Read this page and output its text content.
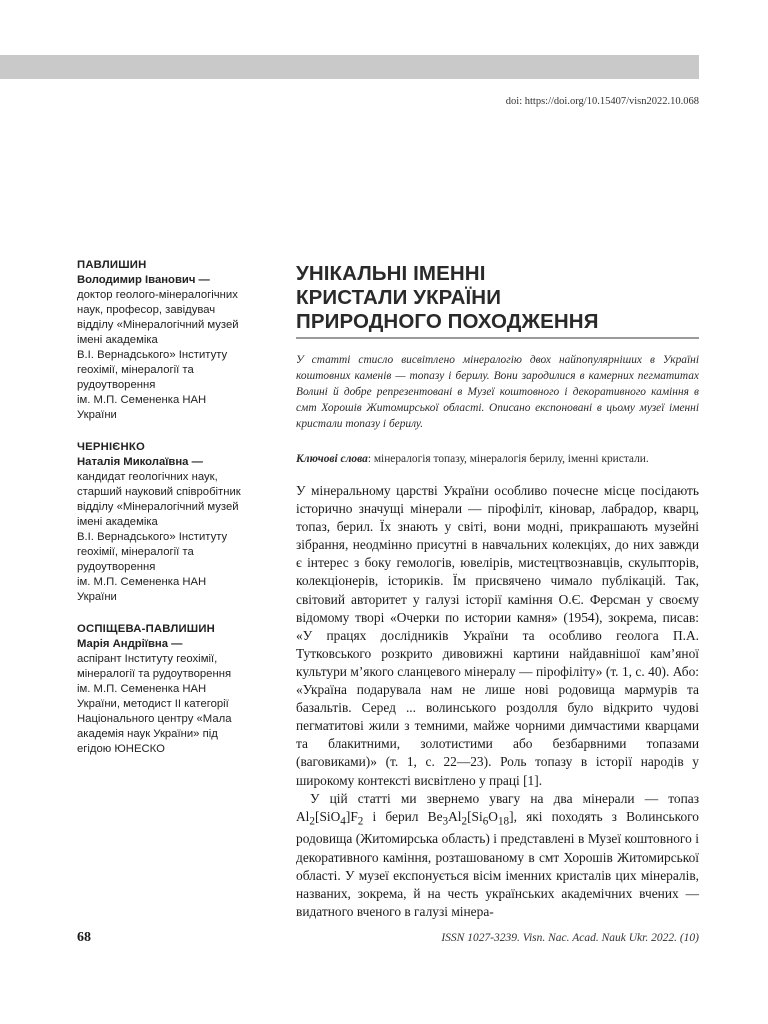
doi: https://doi.org/10.15407/visn2022.10.068
ПАВЛИШИН
Володимир Іванович —
доктор геолого-мінералогічних
наук, професор, завідувач
відділу «Мінералогічний музей
імені академіка
В.І. Вернадського» Інституту
геохімії, мінералогії та
рудоутворення
ім. М.П. Семененка НАН
України
ЧЕРНІЄНКО
Наталія Миколаївна —
кандидат геологічних наук,
старший науковий співробітник
відділу «Мінералогічний музей
імені академіка
В.І. Вернадського» Інституту
геохімії, мінералогії та
рудоутворення
ім. М.П. Семененка НАН
України
ОСПІЩЕВА-ПАВЛИШИН
Марія Андріївна —
аспірант Інституту геохімії,
мінералогії та рудоутворення
ім. М.П. Семененка НАН
України, методист ІІ категорії
Національного центру «Мала
академія наук України» під
егідою ЮНЕСКО
УНІКАЛЬНІ ІМЕННІ
КРИСТАЛИ УКРАЇНИ
ПРИРОДНОГО ПОХОДЖЕННЯ

У статті стисло висвітлено мінералогію двох найпопулярніших в Україні коштовних каменів — топазу і берилу. Вони зародилися в камерних пегматитах Волині й добре репрезентовані в Музеї коштовного і декоративного каміння в смт Хорошів Житомирської області. Описано експоновані в цьому музеї іменні кристали топазу і берилу.

Ключові слова: мінералогія топазу, мінералогія берилу, іменні кристали.

У мінеральному царстві України особливо почесне місце посідають історично значущі мінерали — пірофіліт, кіновар, лабрадор, кварц, топаз, берил. Їх знають у світі, вони модні, прикрашають музейні зібрання, неодмінно присутні в навчальних колекціях, до них завжди є інтерес з боку гемологів, ювелірів, мистецтвознавців, скульпторів, колекціонерів, істориків. Їм присвячено чимало публікацій. Так, світовий авторитет у галузі історії каміння О.Є. Ферсман у своєму відомому творі «Очерки по истории камня» (1954), зокрема, писав: «У працях дослідників України та особливо геолога П.А. Тутковського розкрито дивовижні картини найдавнішої кам’яної культури м’якого сланцевого мінералу — пірофіліту» (т. 1, с. 40). Або: «Україна подарувала нам не лише нові родовища мармурів та базальтів. Серед ... волинського роздолля було відкрито чудові пегматитові жили з темними, майже чорними димчастими кварцами та блакитними, золотистими або безбарвними топазами (ваговиками)» (т. 1, с. 22—23). Роль топазу в історії народів у широкому контексті висвітлено у праці [1].

У цій статті ми звернемо увагу на два мінерали — топаз $Al_2[SiO_4]F_2$ і берил $Be_3Al_2[Si_6O_{18}]$, які походять з Волинського родовища (Житомирська область) і представлені в Музеї коштовного і декоративного каміння, розташованому в смт Хорошів Житомирської області. У музеї експонується вісім іменних кристалів цих мінералів, названих, зокрема, й на честь українських академічних вчених — видатного вченого в галузі мінера-

68	ISSN 1027-3239. Visn. Nac. Acad. Nauk Ukr. 2022. (10)
